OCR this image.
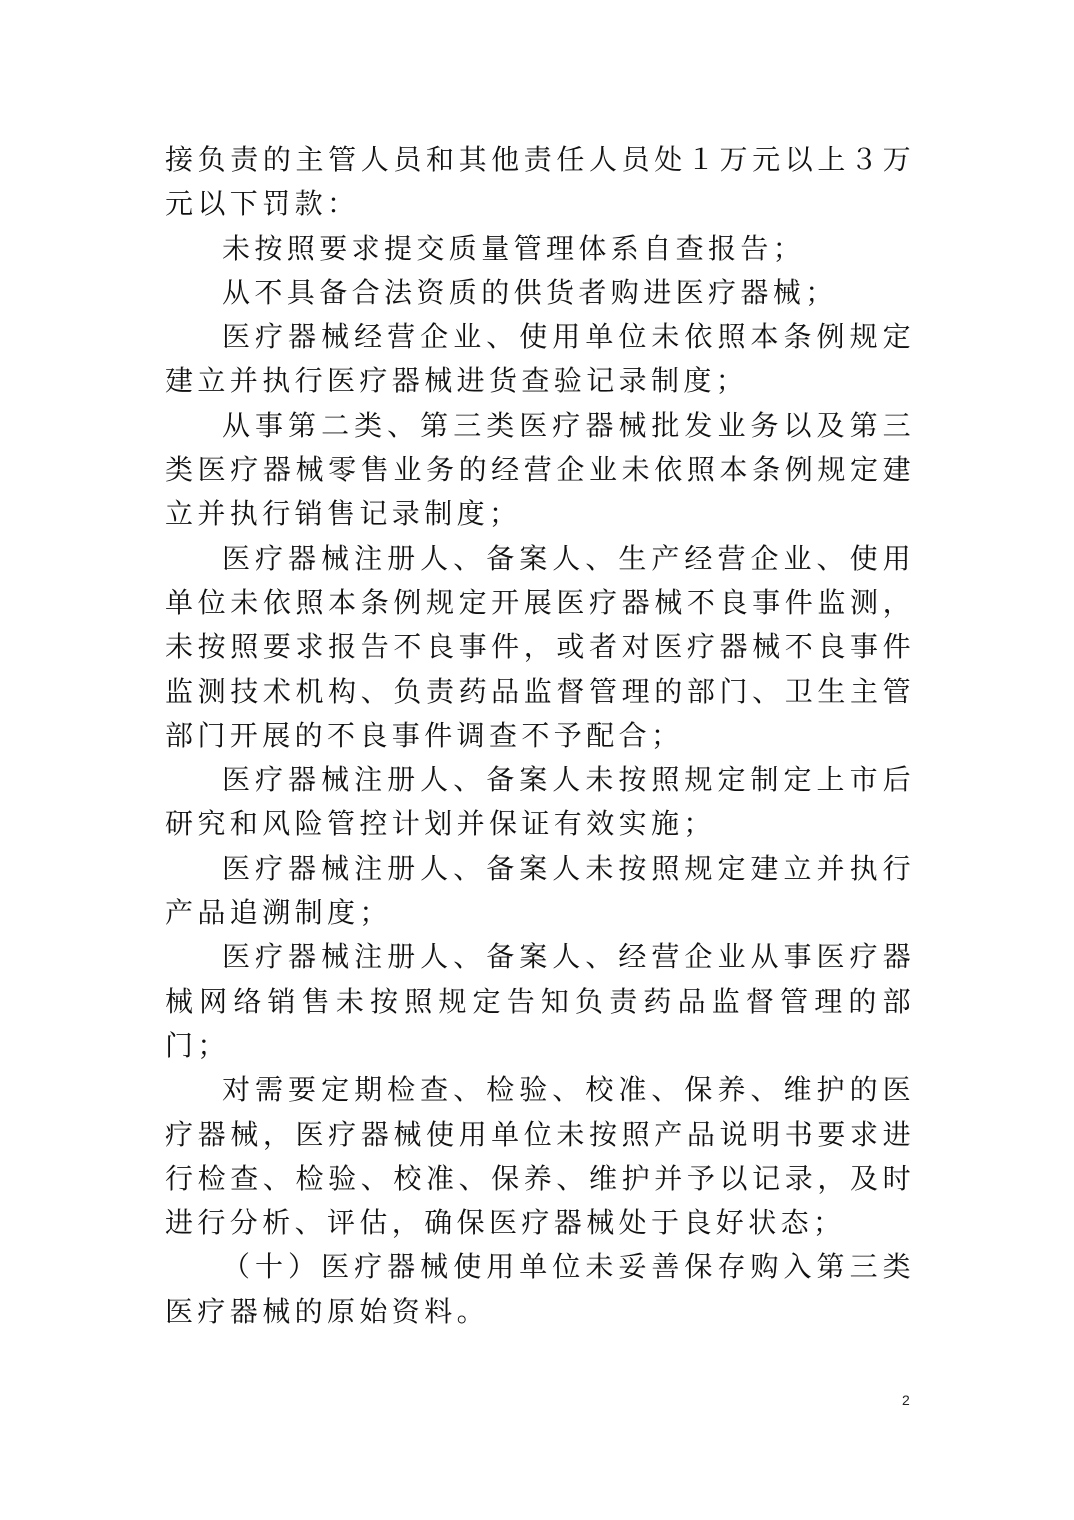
接负责的主管人员和其他责任人员处１万元以上３万元以下罚款：

未按照要求提交质量管理体系自查报告；

从不具备合法资质的供货者购进医疗器械；

医疗器械经营企业、使用单位未依照本条例规定建立并执行医疗器械进货查验记录制度；

从事第二类、第三类医疗器械批发业务以及第三类医疗器械零售业务的经营企业未依照本条例规定建立并执行销售记录制度；

医疗器械注册人、备案人、生产经营企业、使用单位未依照本条例规定开展医疗器械不良事件监测，未按照要求报告不良事件，或者对医疗器械不良事件监测技术机构、负责药品监督管理的部门、卫生主管部门开展的不良事件调查不予配合；

医疗器械注册人、备案人未按照规定制定上市后研究和风险管控计划并保证有效实施；

医疗器械注册人、备案人未按照规定建立并执行产品追溯制度；

医疗器械注册人、备案人、经营企业从事医疗器械网络销售未按照规定告知负责药品监督管理的部门；

对需要定期检查、检验、校准、保养、维护的医疗器械，医疗器械使用单位未按照产品说明书要求进行检查、检验、校准、保养、维护并予以记录，及时进行分析、评估，确保医疗器械处于良好状态；

（十）医疗器械使用单位未妥善保存购入第三类医疗器械的原始资料。

2
